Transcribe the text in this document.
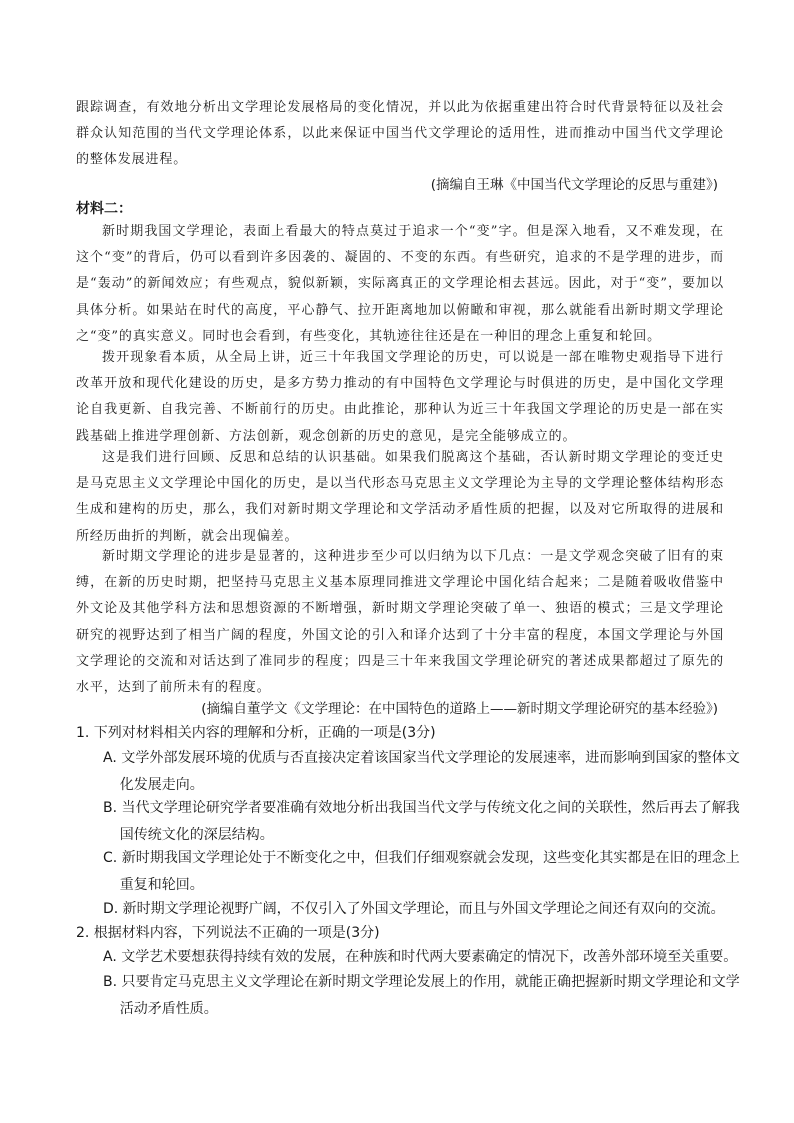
跟踪调查，有效地分析出文学理论发展格局的变化情况，并以此为依据重建出符合时代背景特征以及社会群众认知范围的当代文学理论体系，以此来保证中国当代文学理论的适用性，进而推动中国当代文学理论的整体发展进程。

(摘编自王琳《中国当代文学理论的反思与重建》)

材料二：

新时期我国文学理论，表面上看最大的特点莫过于追求一个“变”字。但是深入地看，又不难发现，在这个“变”的背后，仍可以看到许多因袭的、凝固的、不变的东西。有些研究，追求的不是学理的进步，而是“轰动”的新闻效应；有些观点，貌似新颖，实际离真正的文学理论相去甚远。因此，对于“变”，要加以具体分析。如果站在时代的高度，平心静气、拉开距离地加以俯瞰和审视，那么就能看出新时期文学理论之“变”的真实意义。同时也会看到，有些变化，其轨迹往往还是在一种旧的理念上重复和轮回。

拨开现象看本质，从全局上讲，近三十年我国文学理论的历史，可以说是一部在唯物史观指导下进行改革开放和现代化建设的历史，是多方势力推动的有中国特色文学理论与时俱进的历史，是中国化文学理论自我更新、自我完善、不断前行的历史。由此推论，那种认为近三十年我国文学理论的历史是一部在实践基础上推进学理创新、方法创新，观念创新的历史的意见，是完全能够成立的。

这是我们进行回顾、反思和总结的认识基础。如果我们脱离这个基础，否认新时期文学理论的变迁史是马克思主义文学理论中国化的历史，是以当代形态马克思主义文学理论为主导的文学理论整体结构形态生成和建构的历史，那么，我们对新时期文学理论和文学活动矛盾性质的把握，以及对它所取得的进展和所经历曲折的判断，就会出现偏差。

新时期文学理论的进步是显著的，这种进步至少可以归纳为以下几点：一是文学观念突破了旧有的束缚，在新的历史时期，把坚持马克思主义基本原理同推进文学理论中国化结合起来；二是随着吸收借鉴中外文论及其他学科方法和思想资源的不断增强，新时期文学理论突破了单一、独语的模式；三是文学理论研究的视野达到了相当广阔的程度，外国文论的引入和译介达到了十分丰富的程度，本国文学理论与外国文学理论的交流和对话达到了准同步的程度；四是三十年来我国文学理论研究的著述成果都超过了原先的水平，达到了前所未有的程度。

(摘编自董学文《文学理论：在中国特色的道路上——新时期文学理论研究的基本经验》)

1. 下列对材料相关内容的理解和分析，正确的一项是(3分)

A. 文学外部发展环境的优质与否直接决定着该国家当代文学理论的发展速率，进而影响到国家的整体文化发展走向。

B. 当代文学理论研究学者要准确有效地分析出我国当代文学与传统文化之间的关联性，然后再去了解我国传统文化的深层结构。

C. 新时期我国文学理论处于不断变化之中，但我们仔细观察就会发现，这些变化其实都是在旧的理念上重复和轮回。

D. 新时期文学理论视野广阔，不仅引入了外国文学理论，而且与外国文学理论之间还有双向的交流。

2. 根据材料内容，下列说法不正确的一项是(3分)

A. 文学艺术要想获得持续有效的发展，在种族和时代两大要素确定的情况下，改善外部环境至关重要。

B. 只要肯定马克思主义文学理论在新时期文学理论发展上的作用，就能正确把握新时期文学理论和文学活动矛盾性质。
